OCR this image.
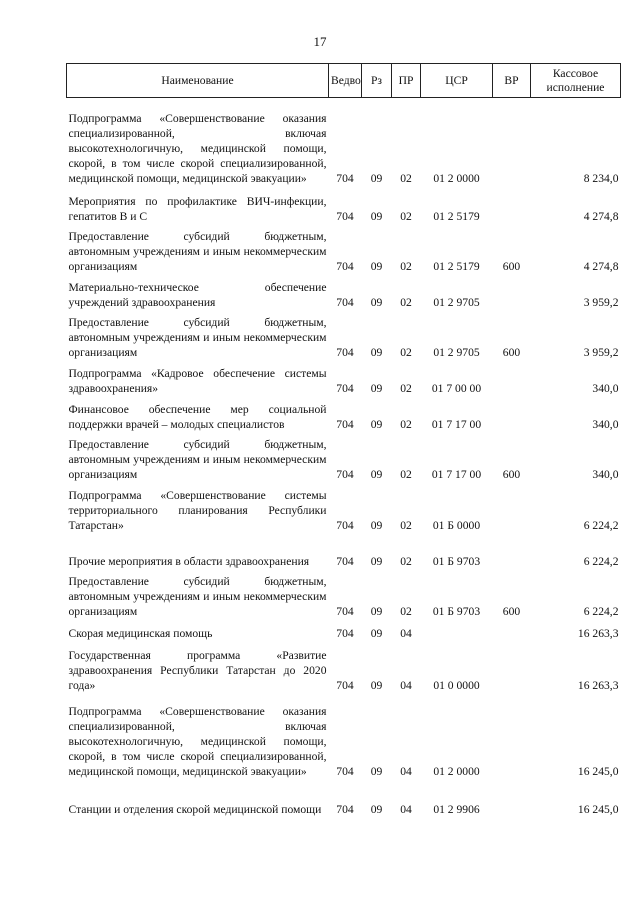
17
Наименование	Ведво	Рз	ПР	ЦСР	ВР	Кассовое исполнение
Подпрограмма «Совершенствование оказания специализированной, включая высокотехнологичную, медицинской помощи, скорой, в том числе скорой специализированной, медицинской помощи, медицинской эвакуации»	704	09	02	01 2 0000		8 234,0
Мероприятия по профилактике ВИЧ-инфекции, гепатитов В и С	704	09	02	01 2 5179		4 274,8
Предоставление субсидий бюджетным, автономным учреждениям и иным некоммерческим организациям	704	09	02	01 2 5179	600	4 274,8
Материально-техническое обеспечение учреждений здравоохранения	704	09	02	01 2 9705		3 959,2
Предоставление субсидий бюджетным, автономным учреждениям и иным некоммерческим организациям	704	09	02	01 2 9705	600	3 959,2
Подпрограмма «Кадровое обеспечение системы здравоохранения»	704	09	02	01 7 00 00		340,0
Финансовое обеспечение мер социальной поддержки врачей – молодых специалистов	704	09	02	01 7 17 00		340,0
Предоставление субсидий бюджетным, автономным учреждениям и иным некоммерческим организациям	704	09	02	01 7 17 00	600	340,0
Подпрограмма «Совершенствование системы территориального планирования Республики Татарстан»	704	09	02	01 Б 0000		6 224,2
Прочие мероприятия в области здравоохранения	704	09	02	01 Б 9703		6 224,2
Предоставление субсидий бюджетным, автономным учреждениям и иным некоммерческим организациям	704	09	02	01 Б 9703	600	6 224,2
Скорая медицинская помощь	704	09	04			16 263,3
Государственная программа «Развитие здравоохранения Республики Татарстан до 2020 года»	704	09	04	01 0 0000		16 263,3
Подпрограмма «Совершенствование оказания специализированной, включая высокотехнологичную, медицинской помощи, скорой, в том числе скорой специализированной, медицинской помощи, медицинской эвакуации»	704	09	04	01 2 0000		16 245,0
Станции и отделения скорой медицинской помощи	704	09	04	01 2 9906		16 245,0
